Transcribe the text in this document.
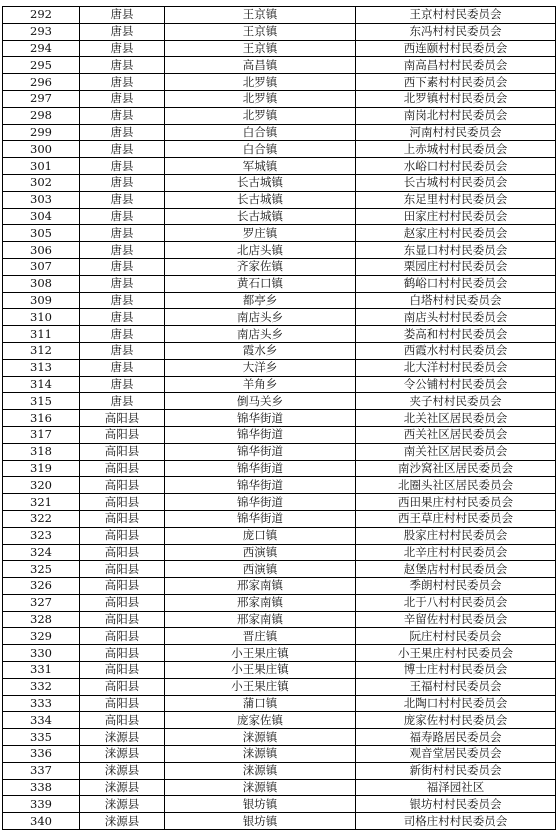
292	唐县	王京镇	王京村村民委员会
293	唐县	王京镇	东冯村村民委员会
294	唐县	王京镇	西连颐村村民委员会
295	唐县	高昌镇	南高昌村村民委员会
296	唐县	北罗镇	西下素村村民委员会
297	唐县	北罗镇	北罗镇村村民委员会
298	唐县	北罗镇	南岗北村村民委员会
299	唐县	白合镇	河南村村民委员会
300	唐县	白合镇	上赤城村村民委员会
301	唐县	军城镇	水峪口村村民委员会
302	唐县	长古城镇	长古城村村民委员会
303	唐县	长古城镇	东足里村村民委员会
304	唐县	长古城镇	田家庄村村民委员会
305	唐县	罗庄镇	赵家庄村村民委员会
306	唐县	北店头镇	东显口村村民委员会
307	唐县	齐家佐镇	栗园庄村村民委员会
308	唐县	黄石口镇	鹤峪口村村民委员会
309	唐县	都亭乡	白塔村村民委员会
310	唐县	南店头乡	南店头村村民委员会
311	唐县	南店头乡	娄高和村村民委员会
312	唐县	霞水乡	西霞水村村民委员会
313	唐县	大洋乡	北大洋村村民委员会
314	唐县	羊角乡	令公铺村村民委员会
315	唐县	倒马关乡	夹子村村民委员会
316	高阳县	锦华街道	北关社区居民委员会
317	高阳县	锦华街道	西关社区居民委员会
318	高阳县	锦华街道	南关社区居民委员会
319	高阳县	锦华街道	南沙窝社区居民委员会
320	高阳县	锦华街道	北圈头社区居民委员会
321	高阳县	锦华街道	西田果庄村村民委员会
322	高阳县	锦华街道	西王草庄村村民委员会
323	高阳县	庞口镇	股家庄村村民委员会
324	高阳县	西演镇	北辛庄村村民委员会
325	高阳县	西演镇	赵堡店村村民委员会
326	高阳县	邢家南镇	季朗村村民委员会
327	高阳县	邢家南镇	北于八村村民委员会
328	高阳县	邢家南镇	辛留佐村村民委员会
329	高阳县	晋庄镇	阮庄村村民委员会
330	高阳县	小王果庄镇	小王果庄村村民委员会
331	高阳县	小王果庄镇	博士庄村村民委员会
332	高阳县	小王果庄镇	王福村村民委员会
333	高阳县	蒲口镇	北陶口村村民委员会
334	高阳县	庞家佐镇	庞家佐村村民委员会
335	涞源县	涞源镇	福寿路居民委员会
336	涞源县	涞源镇	观音堂居民委员会
337	涞源县	涞源镇	新街村村民委员会
338	涞源县	涞源镇	福泽园社区
339	涞源县	银坊镇	银坊村村民委员会
340	涞源县	银坊镇	司格庄村村民委员会
